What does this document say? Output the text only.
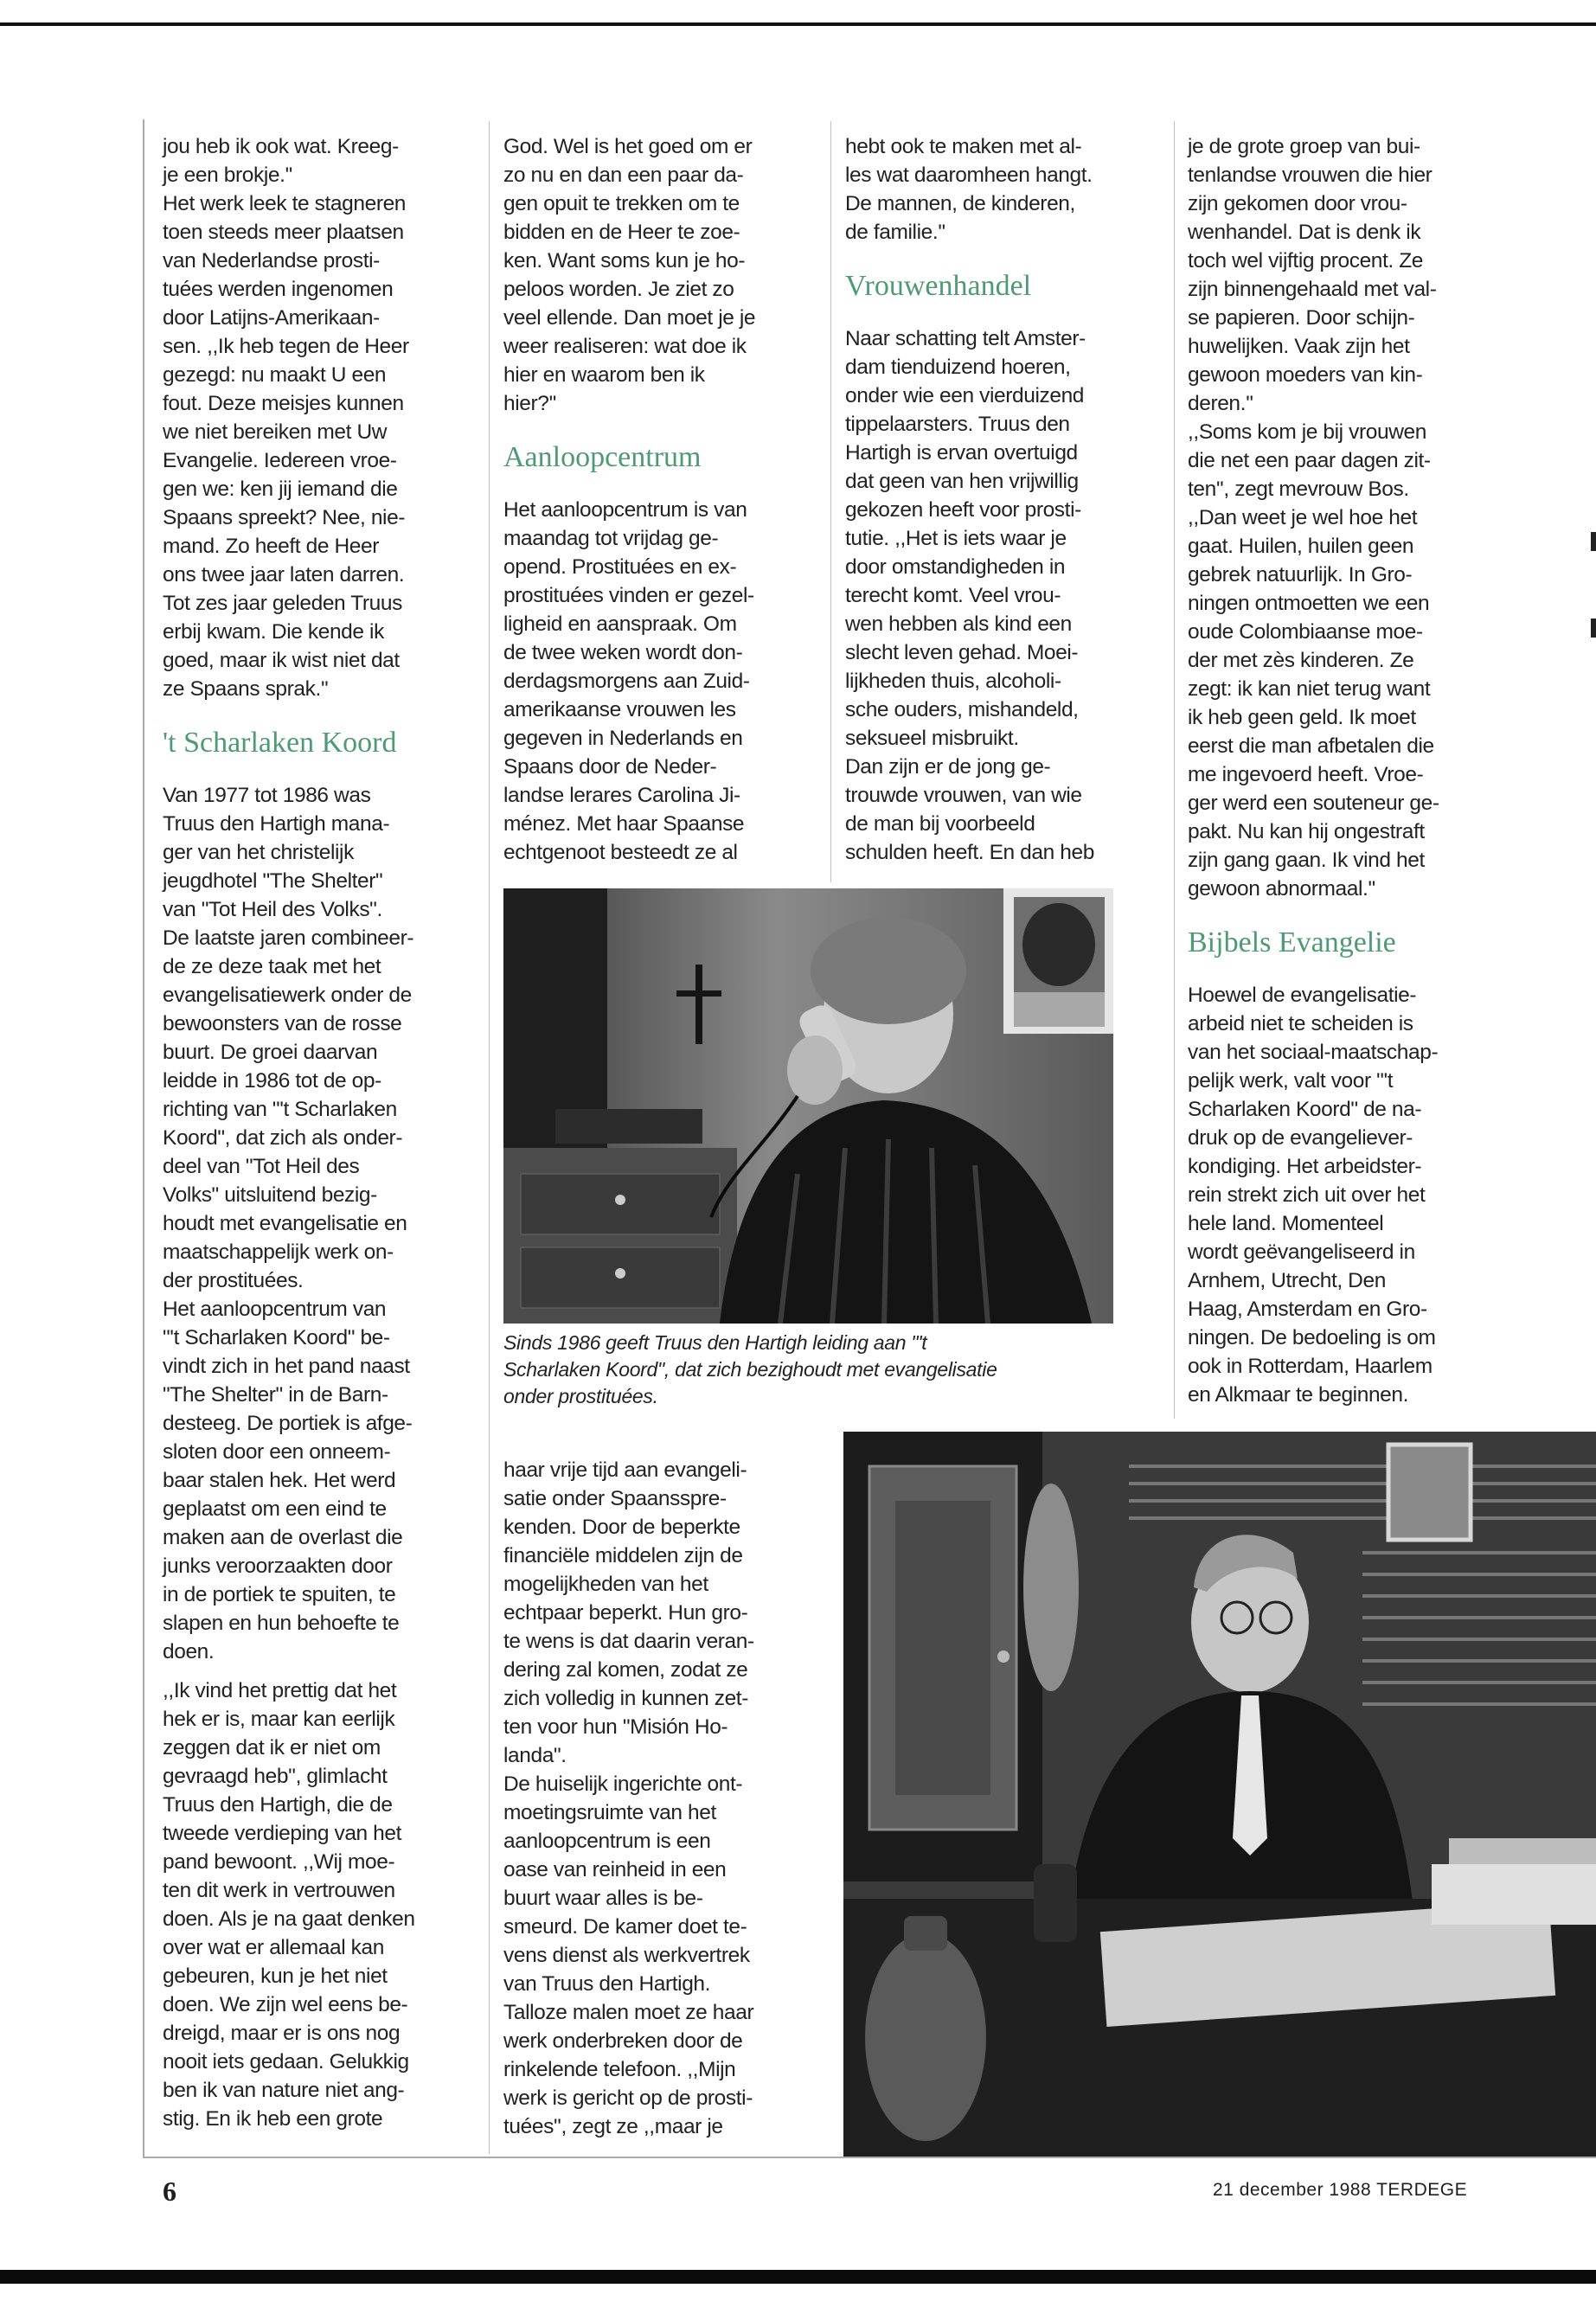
jou heb ik ook wat. Kreeg-
je een brokje.''
Het werk leek te stagneren
toen steeds meer plaatsen
van Nederlandse prosti-
tuées werden ingenomen
door Latijns-Amerikaan-
sen. ,,Ik heb tegen de Heer
gezegd: nu maakt U een
fout. Deze meisjes kunnen
we niet bereiken met Uw
Evangelie. Iedereen vroe-
gen we: ken jij iemand die
Spaans spreekt? Nee, nie-
mand. Zo heeft de Heer
ons twee jaar laten darren.
Tot zes jaar geleden Truus
erbij kwam. Die kende ik
goed, maar ik wist niet dat
ze Spaans sprak.''
't Scharlaken Koord
Van 1977 tot 1986 was
Truus den Hartigh mana-
ger van het christelijk
jeugdhotel "The Shelter"
van "Tot Heil des Volks".
De laatste jaren combineer-
de ze deze taak met het
evangelisatiewerk onder de
bewoonsters van de rosse
buurt. De groei daarvan
leidde in 1986 tot de op-
richting van "'t Scharlaken
Koord", dat zich als onder-
deel van "Tot Heil des
Volks" uitsluitend bezig-
houdt met evangelisatie en
maatschappelijk werk on-
der prostituées.
Het aanloopcentrum van
"'t Scharlaken Koord" be-
vindt zich in het pand naast
"The Shelter" in de Barn-
desteeg. De portiek is afge-
sloten door een onneem-
baar stalen hek. Het werd
geplaatst om een eind te
maken aan de overlast die
junks veroorzaakten door
in de portiek te spuiten, te
slapen en hun behoefte te
doen.
,,Ik vind het prettig dat het
hek er is, maar kan eerlijk
zeggen dat ik er niet om
gevraagd heb'', glimlacht
Truus den Hartigh, die de
tweede verdieping van het
pand bewoont. ,,Wij moe-
ten dit werk in vertrouwen
doen. Als je na gaat denken
over wat er allemaal kan
gebeuren, kun je het niet
doen. We zijn wel eens be-
dreigd, maar er is ons nog
nooit iets gedaan. Gelukkig
ben ik van nature niet ang-
stig. En ik heb een grote
God. Wel is het goed om er
zo nu en dan een paar da-
gen opuit te trekken om te
bidden en de Heer te zoe-
ken. Want soms kun je ho-
peloos worden. Je ziet zo
veel ellende. Dan moet je je
weer realiseren: wat doe ik
hier en waarom ben ik
hier?''
Aanloopcentrum
Het aanloopcentrum is van
maandag tot vrijdag ge-
opend. Prostituées en ex-
prostituées vinden er gezel-
ligheid en aanspraak. Om
de twee weken wordt don-
derdagsmorgens aan Zuid-
amerikaanse vrouwen les
gegeven in Nederlands en
Spaans door de Neder-
landse lerares Carolina Ji-
ménez. Met haar Spaanse
echtgenoot besteedt ze al
hebt ook te maken met al-
les wat daaromheen hangt.
De mannen, de kinderen,
de familie.''
Vrouwenhandel
Naar schatting telt Amster-
dam tienduizend hoeren,
onder wie een vierduizend
tippelaarsters. Truus den
Hartigh is ervan overtuigd
dat geen van hen vrijwillig
gekozen heeft voor prosti-
tutie. ,,Het is iets waar je
door omstandigheden in
terecht komt. Veel vrou-
wen hebben als kind een
slecht leven gehad. Moei-
lijkheden thuis, alcoholi-
sche ouders, mishandeld,
seksueel misbruikt.
Dan zijn er de jong ge-
trouwde vrouwen, van wie
de man bij voorbeeld
schulden heeft. En dan heb
je de grote groep van bui-
tenlandse vrouwen die hier
zijn gekomen door vrou-
wenhandel. Dat is denk ik
toch wel vijftig procent. Ze
zijn binnengehaald met val-
se papieren. Door schijn-
huwelijken. Vaak zijn het
gewoon moeders van kin-
deren.''
,,Soms kom je bij vrouwen
die net een paar dagen zit-
ten'', zegt mevrouw Bos.
,,Dan weet je wel hoe het
gaat. Huilen, huilen geen
gebrek natuurlijk. In Gro-
ningen ontmoetten we een
oude Colombiaanse moe-
der met zès kinderen. Ze
zegt: ik kan niet terug want
ik heb geen geld. Ik moet
eerst die man afbetalen die
me ingevoerd heeft. Vroe-
ger werd een souteneur ge-
pakt. Nu kan hij ongestraft
zijn gang gaan. Ik vind het
gewoon abnormaal.''
Bijbels Evangelie
Hoewel de evangelisatie-
arbeid niet te scheiden is
van het sociaal-maatschap-
pelijk werk, valt voor "'t
Scharlaken Koord" de na-
druk op de evangeliever-
kondiging. Het arbeidster-
rein strekt zich uit over het
hele land. Momenteel
wordt geëvangeliseerd in
Arnhem, Utrecht, Den
Haag, Amsterdam en Gro-
ningen. De bedoeling is om
ook in Rotterdam, Haarlem
en Alkmaar te beginnen.
Sinds 1986 geeft Truus den Hartigh leiding aan "'t
Scharlaken Koord", dat zich bezighoudt met evangelisatie
onder prostituées.
haar vrije tijd aan evangeli-
satie onder Spaansspre-
kenden. Door de beperkte
financiële middelen zijn de
mogelijkheden van het
echtpaar beperkt. Hun gro-
te wens is dat daarin veran-
dering zal komen, zodat ze
zich volledig in kunnen zet-
ten voor hun "Misión Ho-
landa".
De huiselijk ingerichte ont-
moetingsruimte van het
aanloopcentrum is een
oase van reinheid in een
buurt waar alles is be-
smeurd. De kamer doet te-
vens dienst als werkvertrek
van Truus den Hartigh.
Talloze malen moet ze haar
werk onderbreken door de
rinkelende telefoon. ,,Mijn
werk is gericht op de prosti-
tuées'', zegt ze ,,maar je
6	21 december 1988 TERDEGE
